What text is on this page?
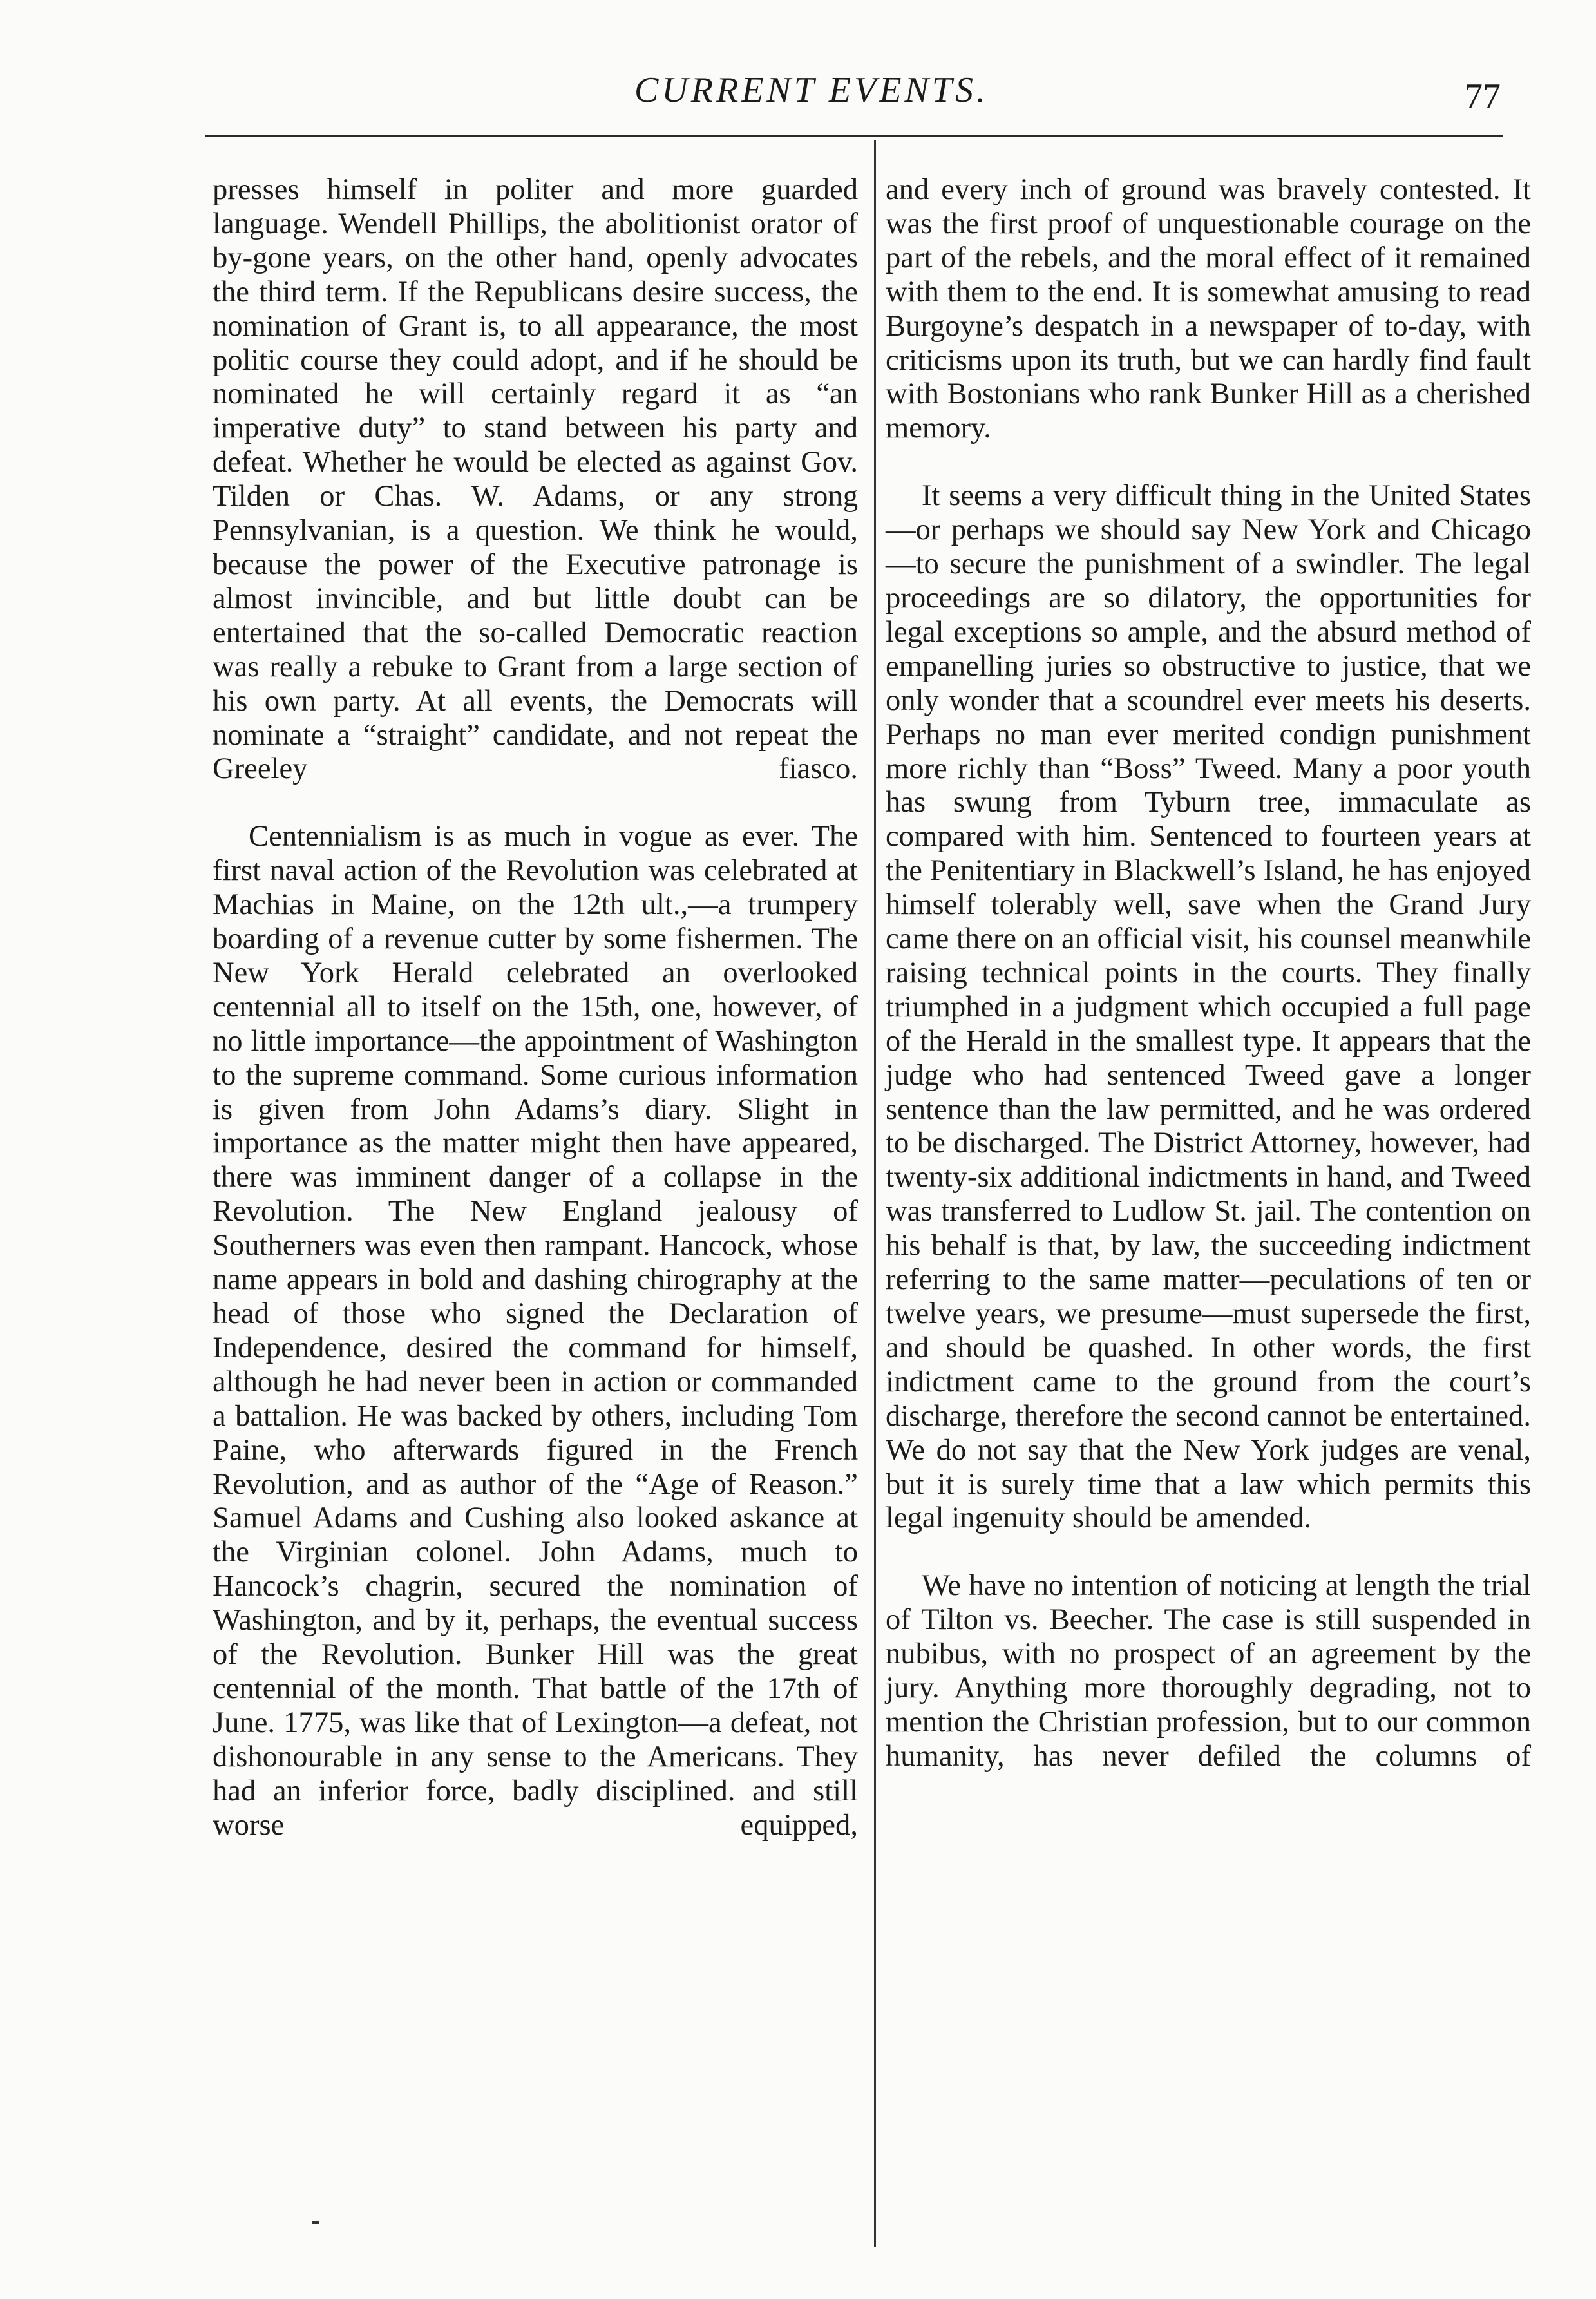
CURRENT EVENTS.	77

presses himself in politer and more guarded language. Wendell Phillips, the abolitionist orator of by-gone years, on the other hand, openly advocates the third term. If the Republicans desire success, the nomination of Grant is, to all appearance, the most politic course they could adopt, and if he should be nominated he will certainly regard it as “an imperative duty” to stand between his party and defeat. Whether he would be elected as against Gov. Tilden or Chas. W. Adams, or any strong Pennsylvanian, is a question. We think he would, because the power of the Executive patronage is almost invincible, and but little doubt can be entertained that the so-called Democratic reaction was really a rebuke to Grant from a large section of his own party. At all events, the Democrats will nominate a “straight” candidate, and not repeat the Greeley fiasco.

Centennialism is as much in vogue as ever. The first naval action of the Revolution was celebrated at Machias in Maine, on the 12th ult.,—a trumpery boarding of a revenue cutter by some fishermen. The New York Herald celebrated an overlooked centennial all to itself on the 15th, one, however, of no little importance—the appointment of Washington to the supreme command. Some curious information is given from John Adams’s diary. Slight in importance as the matter might then have appeared, there was imminent danger of a collapse in the Revolution. The New England jealousy of Southerners was even then rampant. Hancock, whose name appears in bold and dashing chirography at the head of those who signed the Declaration of Independence, desired the command for himself, although he had never been in action or commanded a battalion. He was backed by others, including Tom Paine, who afterwards figured in the French Revolution, and as author of the “Age of Reason.” Samuel Adams and Cushing also looked askance at the Virginian colonel. John Adams, much to Hancock’s chagrin, secured the nomination of Washington, and by it, perhaps, the eventual success of the Revolution. Bunker Hill was the great centennial of the month. That battle of the 17th of June. 1775, was like that of Lexington—a defeat, not dishonourable in any sense to the Americans. They had an inferior force, badly disciplined. and still worse equipped,

and every inch of ground was bravely contested. It was the first proof of unquestionable courage on the part of the rebels, and the moral effect of it remained with them to the end. It is somewhat amusing to read Burgoyne’s despatch in a newspaper of to-day, with criticisms upon its truth, but we can hardly find fault with Bostonians who rank Bunker Hill as a cherished memory.

It seems a very difficult thing in the United States—or perhaps we should say New York and Chicago—to secure the punishment of a swindler. The legal proceedings are so dilatory, the opportunities for legal exceptions so ample, and the absurd method of empanelling juries so obstructive to justice, that we only wonder that a scoundrel ever meets his deserts. Perhaps no man ever merited condign punishment more richly than “Boss” Tweed. Many a poor youth has swung from Tyburn tree, immaculate as compared with him. Sentenced to fourteen years at the Penitentiary in Blackwell’s Island, he has enjoyed himself tolerably well, save when the Grand Jury came there on an official visit, his counsel meanwhile raising technical points in the courts. They finally triumphed in a judgment which occupied a full page of the Herald in the smallest type. It appears that the judge who had sentenced Tweed gave a longer sentence than the law permitted, and he was ordered to be discharged. The District Attorney, however, had twenty-six additional indictments in hand, and Tweed was transferred to Ludlow St. jail. The contention on his behalf is that, by law, the succeeding indictment referring to the same matter—peculations of ten or twelve years, we presume—must supersede the first, and should be quashed. In other words, the first indictment came to the ground from the court’s discharge, therefore the second cannot be entertained. We do not say that the New York judges are venal, but it is surely time that a law which permits this legal ingenuity should be amended.

We have no intention of noticing at length the trial of Tilton vs. Beecher. The case is still suspended in nubibus, with no prospect of an agreement by the jury. Anything more thoroughly degrading, not to mention the Christian profession, but to our common humanity, has never defiled the columns of
